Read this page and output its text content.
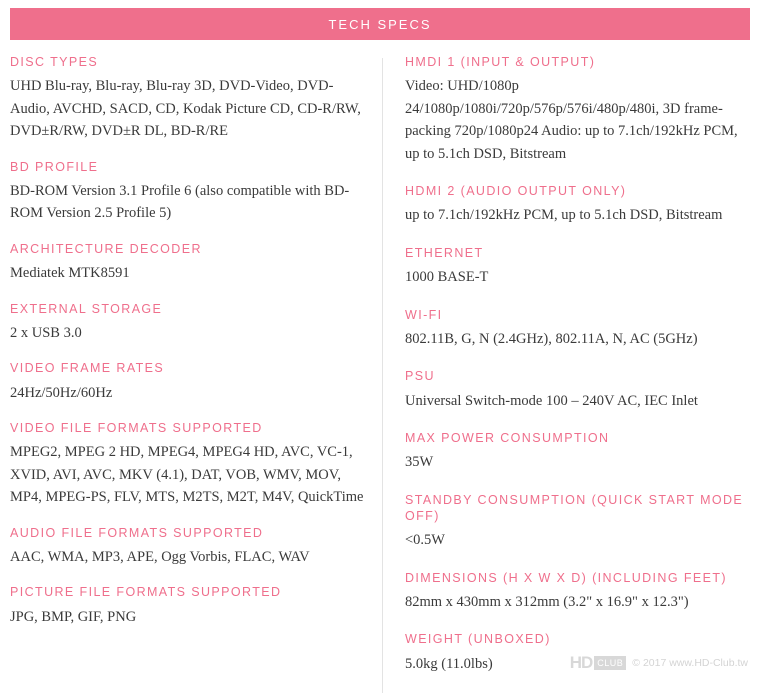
TECH SPECS
DISC TYPES
UHD Blu-ray, Blu-ray, Blu-ray 3D, DVD-Video, DVD-Audio, AVCHD, SACD, CD, Kodak Picture CD, CD-R/RW, DVD±R/RW, DVD±R DL, BD-R/RE
BD PROFILE
BD-ROM Version 3.1 Profile 6 (also compatible with BD-ROM Version 2.5 Profile 5)
ARCHITECTURE DECODER
Mediatek MTK8591
EXTERNAL STORAGE
2 x USB 3.0
VIDEO FRAME RATES
24Hz/50Hz/60Hz
VIDEO FILE FORMATS SUPPORTED
MPEG2, MPEG 2 HD, MPEG4, MPEG4 HD, AVC, VC-1, XVID, AVI, AVC, MKV (4.1), DAT, VOB, WMV, MOV, MP4, MPEG-PS, FLV, MTS, M2TS, M2T, M4V, QuickTime
AUDIO FILE FORMATS SUPPORTED
AAC, WMA, MP3, APE, Ogg Vorbis, FLAC, WAV
PICTURE FILE FORMATS SUPPORTED
JPG, BMP, GIF, PNG
HMDI 1 (INPUT & OUTPUT)
Video: UHD/1080p 24/1080p/1080i/720p/576p/576i/480p/480i, 3D frame-packing 720p/1080p24 Audio: up to 7.1ch/192kHz PCM, up to 5.1ch DSD, Bitstream
HDMI 2 (AUDIO OUTPUT ONLY)
up to 7.1ch/192kHz PCM, up to 5.1ch DSD, Bitstream
ETHERNET
1000 BASE-T
WI-FI
802.11B, G, N (2.4GHz), 802.11A, N, AC (5GHz)
PSU
Universal Switch-mode 100 – 240V AC, IEC Inlet
MAX POWER CONSUMPTION
35W
STANDBY CONSUMPTION (QUICK START MODE OFF)
<0.5W
DIMENSIONS (H X W X D) (INCLUDING FEET)
82mm x 430mm x 312mm (3.2" x 16.9" x 12.3")
WEIGHT (UNBOXED)
5.0kg (11.0lbs)	HD CLUB © 2017 www.HD-Club.tw
